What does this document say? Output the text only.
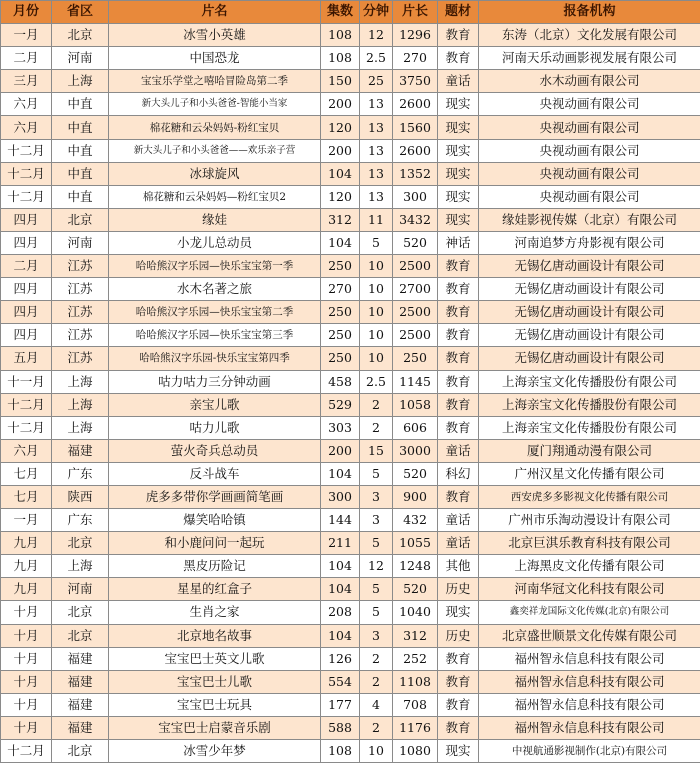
月份	省区	片名	集数	分钟	片长	题材	报备机构
一月	北京	冰雪小英雄	108	12	1296	教育	东涛（北京）文化发展有限公司
二月	河南	中国恐龙	108	2.5	270	教育	河南天乐动画影视发展有限公司
三月	上海	宝宝乐学堂之嘻哈冒险岛第二季	150	25	3750	童话	水木动画有限公司
六月	中直	新大头儿子和小头爸爸-智能小当家	200	13	2600	现实	央视动画有限公司
六月	中直	棉花糖和云朵妈妈-粉红宝贝	120	13	1560	现实	央视动画有限公司
十二月	中直	新大头儿子和小头爸爸——欢乐亲子营	200	13	2600	现实	央视动画有限公司
十二月	中直	冰球旋风	104	13	1352	现实	央视动画有限公司
十二月	中直	棉花糖和云朵妈妈—粉红宝贝2	120	13	300	现实	央视动画有限公司
四月	北京	缘娃	312	11	3432	现实	缘娃影视传媒（北京）有限公司
四月	河南	小龙儿总动员	104	5	520	神话	河南追梦方舟影视有限公司
二月	江苏	哈哈熊汉字乐园—快乐宝宝第一季	250	10	2500	教育	无锡亿唐动画设计有限公司
四月	江苏	水木名著之旅	270	10	2700	教育	无锡亿唐动画设计有限公司
四月	江苏	哈哈熊汉字乐园—快乐宝宝第二季	250	10	2500	教育	无锡亿唐动画设计有限公司
四月	江苏	哈哈熊汉字乐园—快乐宝宝第三季	250	10	2500	教育	无锡亿唐动画设计有限公司
五月	江苏	哈哈熊汉字乐园-快乐宝宝第四季	250	10	250	教育	无锡亿唐动画设计有限公司
十一月	上海	咕力咕力三分钟动画	458	2.5	1145	教育	上海亲宝文化传播股份有限公司
十二月	上海	亲宝儿歌	529	2	1058	教育	上海亲宝文化传播股份有限公司
十二月	上海	咕力儿歌	303	2	606	教育	上海亲宝文化传播股份有限公司
六月	福建	萤火奇兵总动员	200	15	3000	童话	厦门翔通动漫有限公司
七月	广东	反斗战车	104	5	520	科幻	广州汉星文化传播有限公司
七月	陕西	虎多多带你学画画简笔画	300	3	900	教育	西安虎多多影视文化传播有限公司
一月	广东	爆笑哈哈镇	144	3	432	童话	广州市乐淘动漫设计有限公司
九月	北京	和小鹿问问一起玩	211	5	1055	童话	北京巨淇乐教育科技有限公司
九月	上海	黑皮历险记	104	12	1248	其他	上海黑皮文化传播有限公司
九月	河南	星星的红盒子	104	5	520	历史	河南华冠文化科技有限公司
十月	北京	生肖之家	208	5	1040	现实	鑫奕祥龙国际文化传媒(北京)有限公司
十月	北京	北京地名故事	104	3	312	历史	北京盛世顺景文化传媒有限公司
十月	福建	宝宝巴士英文儿歌	126	2	252	教育	福州智永信息科技有限公司
十月	福建	宝宝巴士儿歌	554	2	1108	教育	福州智永信息科技有限公司
十月	福建	宝宝巴士玩具	177	4	708	教育	福州智永信息科技有限公司
十月	福建	宝宝巴士启蒙音乐剧	588	2	1176	教育	福州智永信息科技有限公司
十二月	北京	冰雪少年梦	108	10	1080	现实	中视航通影视制作(北京)有限公司
